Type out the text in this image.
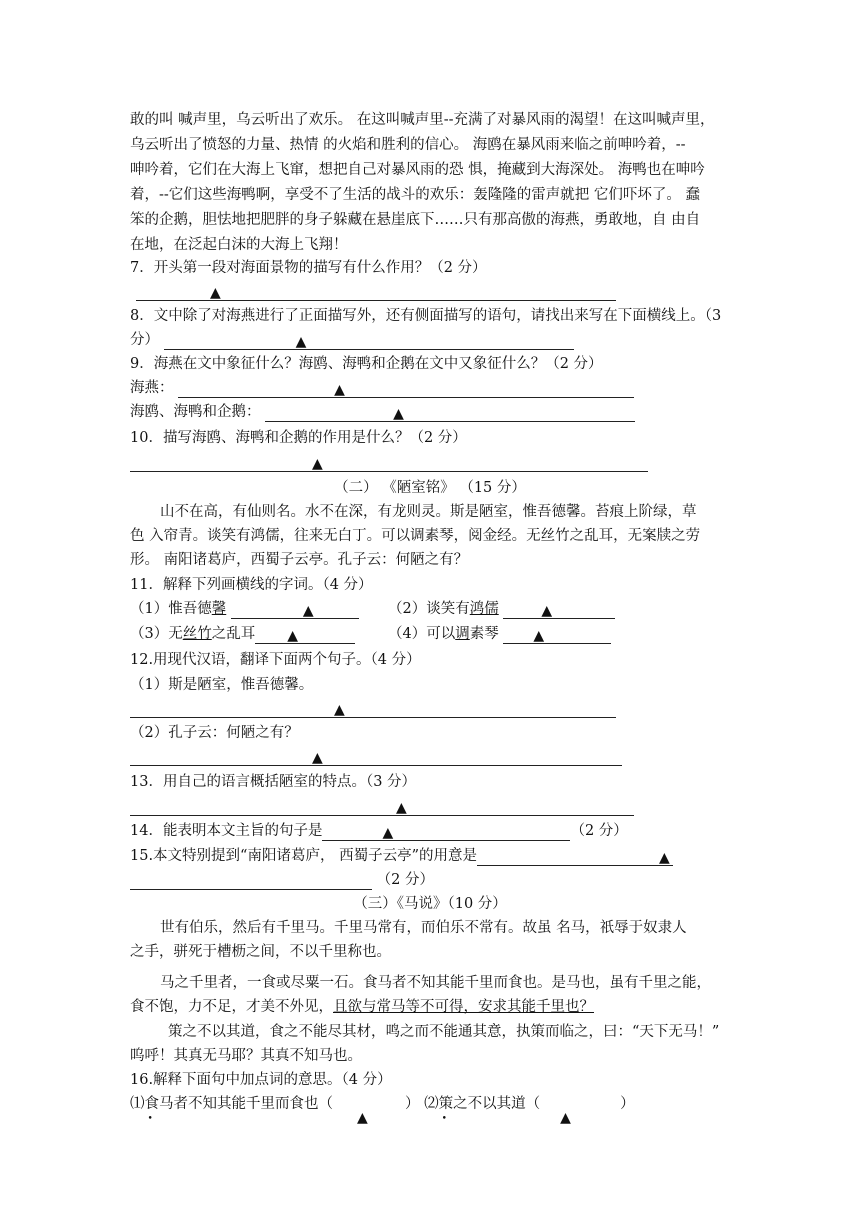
敢的叫 喊声里，乌云听出了欢乐。 在这叫喊声里--充满了对暴风雨的渴望！在这叫喊声里，
乌云听出了愤怒的力量、热情 的火焰和胜利的信心。 海鸥在暴风雨来临之前呻吟着，--
呻吟着，它们在大海上飞窜，想把自己对暴风雨的恐 惧，掩藏到大海深处。 海鸭也在呻吟
着，--它们这些海鸭啊，享受不了生活的战斗的欢乐：轰隆隆的雷声就把 它们吓坏了。 蠢
笨的企鹅，胆怯地把肥胖的身子躲藏在悬崖底下……只有那高傲的海燕，勇敢地，自 由自
在地，在泛起白沫的大海上飞翔！
7．开头第一段对海面景物的描写有什么作用？（2 分）
▲
8．文中除了对海燕进行了正面描写外，还有侧面描写的语句，请找出来写在下面横线上。（3
分）	▲
9．海燕在文中象征什么？海鸥、海鸭和企鹅在文中又象征什么？（2 分）
海燕：	▲
海鸥、海鸭和企鹅：	▲
10．描写海鸥、海鸭和企鹅的作用是什么？（2 分）
▲
（二） 《陋室铭》 （15 分）
山不在高，有仙则名。水不在深，有龙则灵。斯是陋室，惟吾德馨。苔痕上阶绿，草
色 入帘青。谈笑有鸿儒，往来无白丁。可以调素琴，阅金经。无丝竹之乱耳，无案牍之劳
形。 南阳诸葛庐，西蜀子云亭。孔子云：何陋之有？
11．解释下列画横线的字词。（4 分）
（1）惟吾德馨	▲	（2）谈笑有鸿儒	▲
（3）无丝竹之乱耳 ▲	（4）可以调素琴 ▲
12.用现代汉语，翻译下面两个句子。（4 分）
（1）斯是陋室，惟吾德馨。
▲
（2）孔子云：何陋之有？
▲
13．用自己的语言概括陋室的特点。（3 分）
▲
14．能表明本文主旨的句子是	▲	（2 分）
15.本文特别提到“南阳诸葛庐， 西蜀子云亭”的用意是	▲
（2 分）
（三）《马说》（10 分）
世有伯乐，然后有千里马。千里马常有，而伯乐不常有。故虽 名马，祇辱于奴隶人
之手，骈死于槽枥之间，不以千里称也。
马之千里者，一食或尽粟一石。食马者不知其能千里而食也。是马也，虽有千里之能，
食不饱，力不足，才美不外见，且欲与常马等不可得，安求其能千里也？
策之不以其道，食之不能尽其材，鸣之而不能通其意，执策而临之，曰：“天下无马！”
呜呼！其真无马耶？其真不知马也。
16.解释下面句中加点词的意思。（4 分）
⑴食马者不知其能千里而食也（
▲
） ⑵策之不以其道（
▲
）
